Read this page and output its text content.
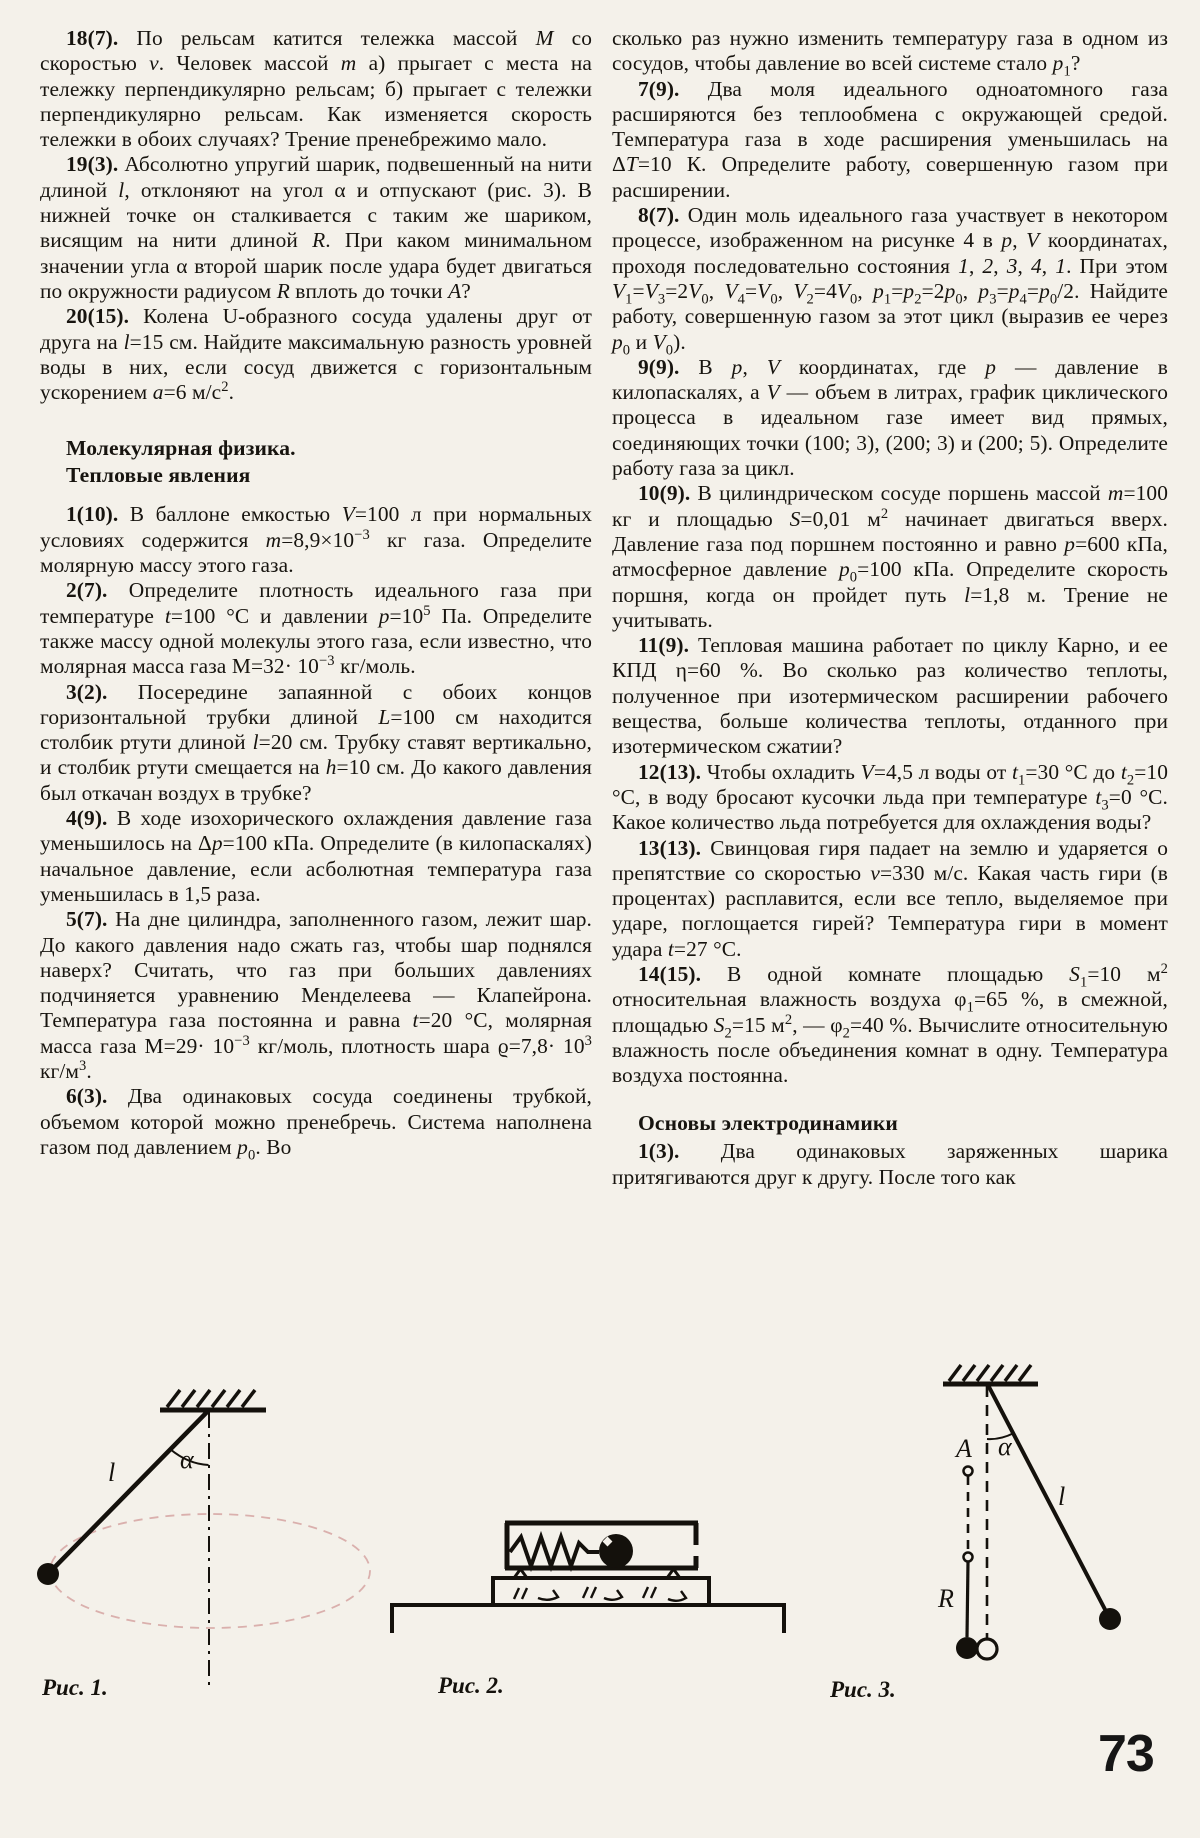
18(7). По рельсам катится тележка массой M со скоростью v. Человек массой m а) прыгает с места на тележку перпендикулярно рельсам; б) прыгает с тележки перпендикулярно рельсам. Как изменяется скорость тележки в обоих случаях? Трение пренебрежимо мало.

19(3). Абсолютно упругий шарик, подвешенный на нити длиной l, отклоняют на угол α и отпускают (рис. 3). В нижней точке он сталкивается с таким же шариком, висящим на нити длиной R. При каком минимальном значении угла α второй шарик после удара будет двигаться по окружности радиусом R вплоть до точки A?

20(15). Колена U-образного сосуда удалены друг от друга на l=15 см. Найдите максимальную разность уровней воды в них, если сосуд движется с горизонтальным ускорением a=6 $м/с^2$.

Молекулярная физика.
Тепловые явления

1(10). В баллоне емкостью V=100 л при нормальных условиях содержится $m=8,9\times 10^{-3}$ кг газа. Определите молярную массу этого газа.

2(7). Определите плотность идеального газа при температуре t=100 °C и давлении $p=10^5$ Па. Определите также массу одной молекулы этого газа, если известно, что молярная масса газа $М=32\cdot 10^{-3}$ кг/моль.

3(2). Посередине запаянной с обоих концов горизонтальной трубки длиной L=100 см находится столбик ртути длиной l=20 см. Трубку ставят вертикально, и столбик ртути смещается на h=10 см. До какого давления был откачан воздух в трубке?

4(9). В ходе изохорического охлаждения давление газа уменьшилось на Δp=100 кПа. Определите (в килопаскалях) начальное давление, если асболютная температура газа уменьшилась в 1,5 раза.

5(7). На дне цилиндра, заполненного газом, лежит шар. До какого давления надо сжать газ, чтобы шар поднялся наверх? Считать, что газ при больших давлениях подчиняется уравнению Менделеева — Клапейрона. Температура газа постоянна и равна t=20 °C, молярная масса газа $М=29\cdot 10^{-3}$ кг/моль, плотность шара $ϱ=7,8\cdot 10^3$ $кг/м^3$.

6(3). Два одинаковых сосуда соединены трубкой, объемом которой можно пренебречь. Система наполнена газом под давлением $p_0$. Во

сколько раз нужно изменить температуру газа в одном из сосудов, чтобы давление во всей системе стало $p_1$?

7(9). Два моля идеального одноатомного газа расширяются без теплообмена с окружающей средой. Температура газа в ходе расширения уменьшилась на ΔT=10 К. Определите работу, совершенную газом при расширении.

8(7). Один моль идеального газа участвует в некотором процессе, изображенном на рисунке 4 в p, V координатах, проходя последовательно состояния 1, 2, 3, 4, 1. При этом $V_1=V_3=2V_0$, $V_4=V_0$, $V_2=4V_0$, $p_1=p_2=2p_0$, $p_3=p_4=p_0/2$. Найдите работу, совершенную газом за этот цикл (выразив ее через $p_0$ и $V_0$).

9(9). В p, V координатах, где p — давление в килопаскалях, а V — объем в литрах, график циклического процесса в идеальном газе имеет вид прямых, соединяющих точки (100; 3), (200; 3) и (200; 5). Определите работу газа за цикл.

10(9). В цилиндрическом сосуде поршень массой m=100 кг и площадью S=0,01 $м^2$ начинает двигаться вверх. Давление газа под поршнем постоянно и равно p=600 кПа, атмосферное давление $p_0=100$ кПа. Определите скорость поршня, когда он пройдет путь l=1,8 м. Трение не учитывать.

11(9). Тепловая машина работает по циклу Карно, и ее КПД η=60 %. Во сколько раз количество теплоты, полученное при изотермическом расширении рабочего вещества, больше количества теплоты, отданного при изотермическом сжатии?

12(13). Чтобы охладить V=4,5 л воды от $t_1=30$ °C до $t_2=10$ °C, в воду бросают кусочки льда при температуре $t_3=0$ °C. Какое количество льда потребуется для охлаждения воды?

13(13). Свинцовая гиря падает на землю и ударяется о препятствие со скоростью v=330 м/с. Какая часть гири (в процентах) расплавится, если все тепло, выделяемое при ударе, поглощается гирей? Температура гири в момент удара t=27 °C.

14(15). В одной комнате площадью $S_1=10$ $м^2$ относительная влажность воздуха $\varphi_1=65$ %, в смежной, площадью $S_2=15$ $м^2$, — $\varphi_2=40$ %. Вычислите относительную влажность после объединения комнат в одну. Температура воздуха постоянна.

Основы электродинамики

1(3). Два одинаковых заряженных шарика притягиваются друг к другу. После того как

α
l
Рис. 1.	Рис. 2.
α
A
R
l
Рис. 3.
73
